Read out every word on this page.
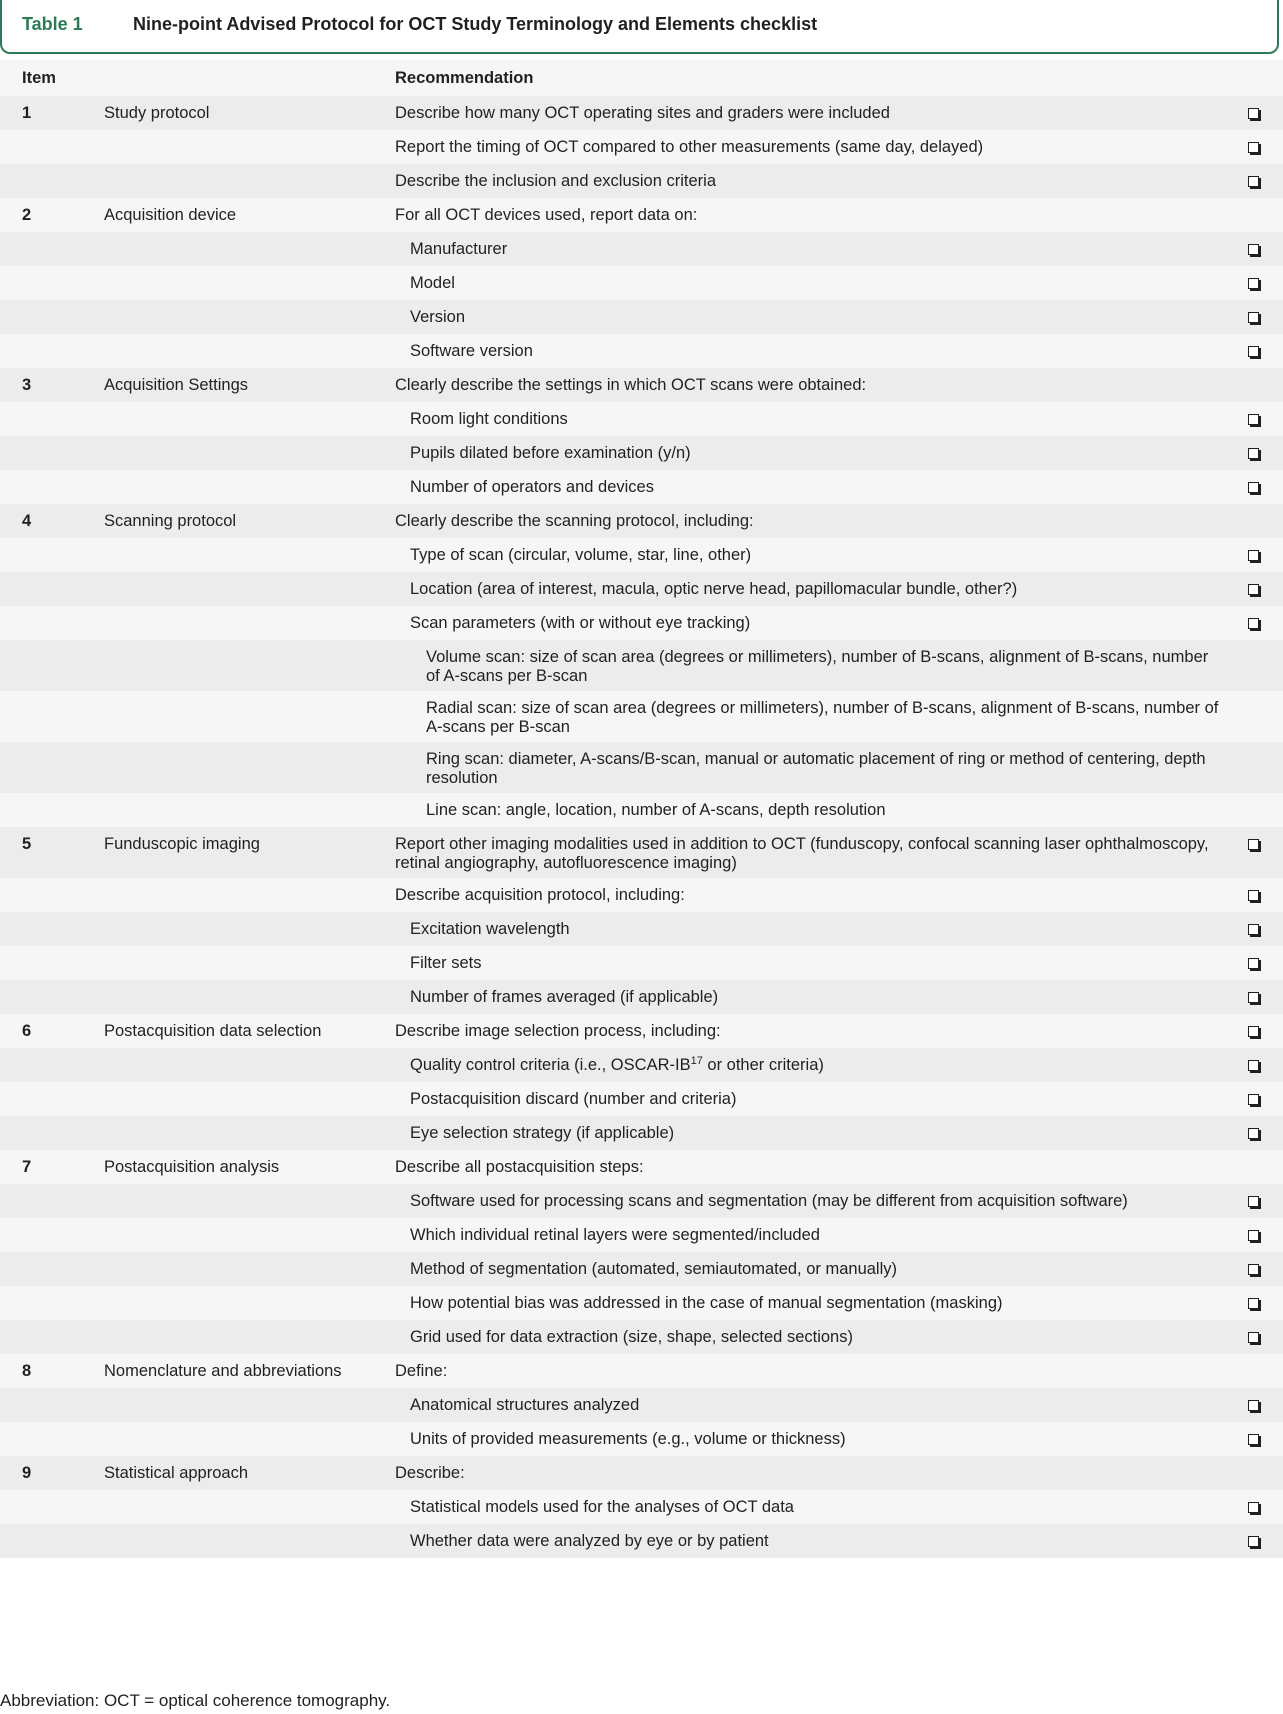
Table 1	Nine-point Advised Protocol for OCT Study Terminology and Elements checklist
Item	Recommendation
1	Study protocol	Describe how many OCT operating sites and graders were included
Report the timing of OCT compared to other measurements (same day, delayed)
Describe the inclusion and exclusion criteria
2	Acquisition device	For all OCT devices used, report data on:
Manufacturer
Model
Version
Software version
3	Acquisition Settings	Clearly describe the settings in which OCT scans were obtained:
Room light conditions
Pupils dilated before examination (y/n)
Number of operators and devices
4	Scanning protocol	Clearly describe the scanning protocol, including:
Type of scan (circular, volume, star, line, other)
Location (area of interest, macula, optic nerve head, papillomacular bundle, other?)
Scan parameters (with or without eye tracking)
Volume scan: size of scan area (degrees or millimeters), number of B-scans, alignment of B-scans, number of A-scans per B-scan
Radial scan: size of scan area (degrees or millimeters), number of B-scans, alignment of B-scans, number of A-scans per B-scan
Ring scan: diameter, A-scans/B-scan, manual or automatic placement of ring or method of centering, depth resolution
Line scan: angle, location, number of A-scans, depth resolution
5	Funduscopic imaging	Report other imaging modalities used in addition to OCT (funduscopy, confocal scanning laser ophthalmoscopy, retinal angiography, autofluorescence imaging)
Describe acquisition protocol, including:
Excitation wavelength
Filter sets
Number of frames averaged (if applicable)
6	Postacquisition data selection	Describe image selection process, including:
Quality control criteria (i.e., OSCAR-IB$^{17}$ or other criteria)
Postacquisition discard (number and criteria)
Eye selection strategy (if applicable)
7	Postacquisition analysis	Describe all postacquisition steps:
Software used for processing scans and segmentation (may be different from acquisition software)
Which individual retinal layers were segmented/included
Method of segmentation (automated, semiautomated, or manually)
How potential bias was addressed in the case of manual segmentation (masking)
Grid used for data extraction (size, shape, selected sections)
8	Nomenclature and abbreviations	Define:
Anatomical structures analyzed
Units of provided measurements (e.g., volume or thickness)
9	Statistical approach	Describe:
Statistical models used for the analyses of OCT data
Whether data were analyzed by eye or by patient
Abbreviation: OCT = optical coherence tomography.
